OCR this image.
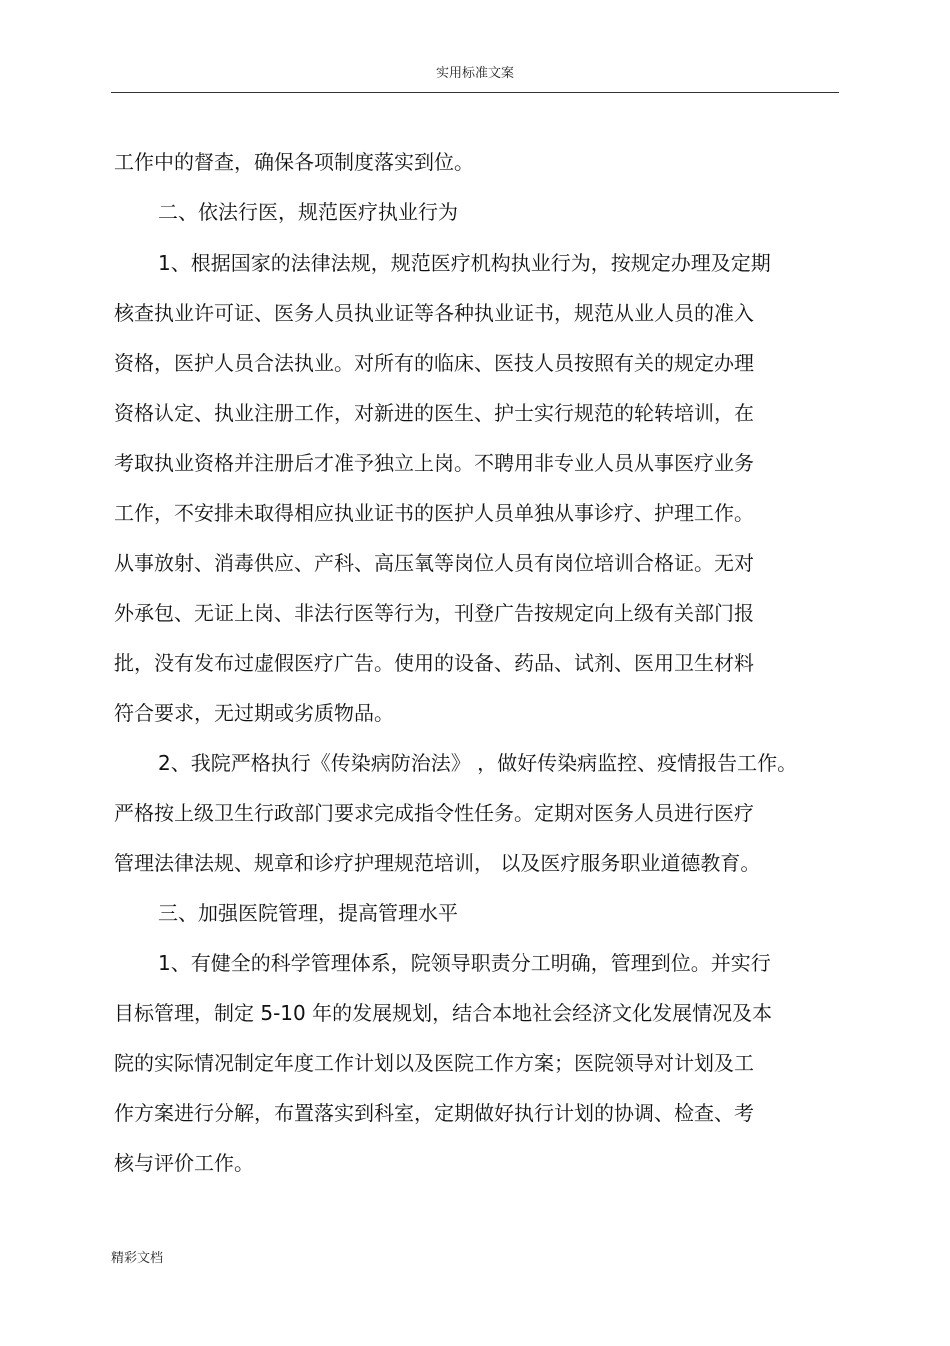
实用标准文案
工作中的督查，确保各项制度落实到位。
二、依法行医，规范医疗执业行为
1、根据国家的法律法规，规范医疗机构执业行为，按规定办理及定期
核查执业许可证、医务人员执业证等各种执业证书，规范从业人员的准入
资格，医护人员合法执业。对所有的临床、医技人员按照有关的规定办理
资格认定、执业注册工作，对新进的医生、护士实行规范的轮转培训，在
考取执业资格并注册后才准予独立上岗。不聘用非专业人员从事医疗业务
工作，不安排未取得相应执业证书的医护人员单独从事诊疗、护理工作。
从事放射、消毒供应、产科、高压氧等岗位人员有岗位培训合格证。无对
外承包、无证上岗、非法行医等行为，刊登广告按规定向上级有关部门报
批，没有发布过虚假医疗广告。使用的设备、药品、试剂、医用卫生材料
符合要求，无过期或劣质物品。
2、我院严格执行《传染病防治法》 ，做好传染病监控、疫情报告工作。
严格按上级卫生行政部门要求完成指令性任务。定期对医务人员进行医疗
管理法律法规、规章和诊疗护理规范培训， 以及医疗服务职业道德教育。
三、加强医院管理，提高管理水平
1、有健全的科学管理体系，院领导职责分工明确，管理到位。并实行
目标管理，制定 5-10 年的发展规划，结合本地社会经济文化发展情况及本
院的实际情况制定年度工作计划以及医院工作方案；医院领导对计划及工
作方案进行分解，布置落实到科室，定期做好执行计划的协调、检查、考
核与评价工作。
精彩文档
